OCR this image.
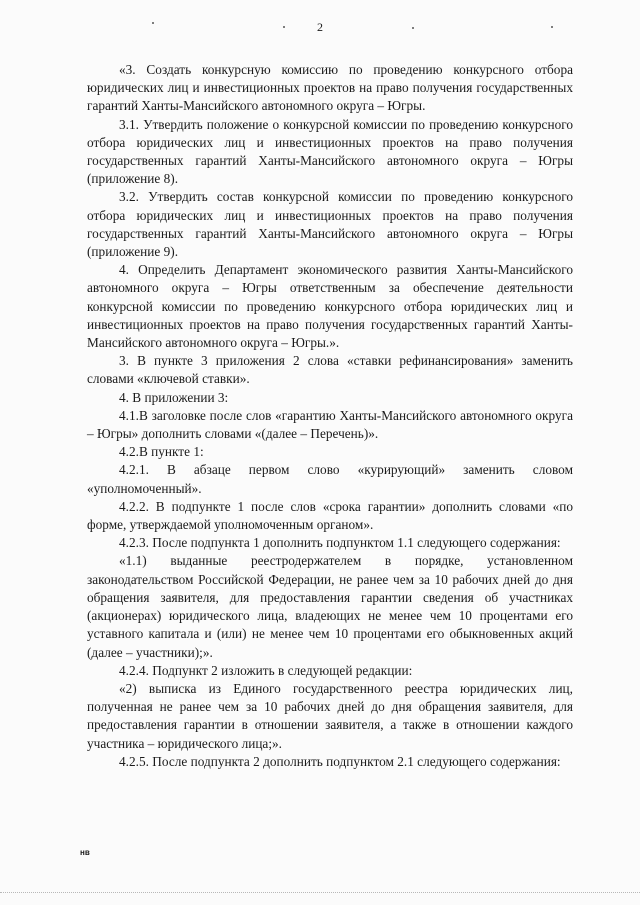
2

«3. Создать конкурсную комиссию по проведению конкурсного отбора юридических лиц и инвестиционных проектов на право получения государственных гарантий Ханты-Мансийского автономного округа – Югры.

3.1. Утвердить положение о конкурсной комиссии по проведению конкурсного отбора юридических лиц и инвестиционных проектов на право получения государственных гарантий Ханты-Мансийского автономного округа – Югры (приложение 8).

3.2. Утвердить состав конкурсной комиссии по проведению конкурсного отбора юридических лиц и инвестиционных проектов на право получения государственных гарантий Ханты-Мансийского автономного округа – Югры (приложение 9).

4. Определить Департамент экономического развития Ханты-Мансийского автономного округа – Югры ответственным за обеспечение деятельности конкурсной комиссии по проведению конкурсного отбора юридических лиц и инвестиционных проектов на право получения государственных гарантий Ханты-Мансийского автономного округа – Югры.».

3. В пункте 3 приложения 2 слова «ставки рефинансирования» заменить словами «ключевой ставки».

4. В приложении 3:

4.1.В заголовке после слов «гарантию Ханты-Мансийского автономного округа – Югры» дополнить словами «(далее – Перечень)».

4.2.В пункте 1:

4.2.1. В абзаце первом слово «курирующий» заменить словом «уполномоченный».

4.2.2. В подпункте 1 после слов «срока гарантии» дополнить словами «по форме, утверждаемой уполномоченным органом».

4.2.3. После подпункта 1 дополнить подпунктом 1.1 следующего содержания:

«1.1) выданные реестродержателем в порядке, установленном законодательством Российской Федерации, не ранее чем за 10 рабочих дней до дня обращения заявителя, для предоставления гарантии сведения об участниках (акционерах) юридического лица, владеющих не менее чем 10 процентами его уставного капитала и (или) не менее чем 10 процентами его обыкновенных акций (далее – участники);».

4.2.4. Подпункт 2 изложить в следующей редакции:

«2) выписка из Единого государственного реестра юридических лиц, полученная не ранее чем за 10 рабочих дней до дня обращения заявителя, для предоставления гарантии в отношении заявителя, а также в отношении каждого участника – юридического лица;».

4.2.5. После подпункта 2 дополнить подпунктом 2.1 следующего содержания:

нв
